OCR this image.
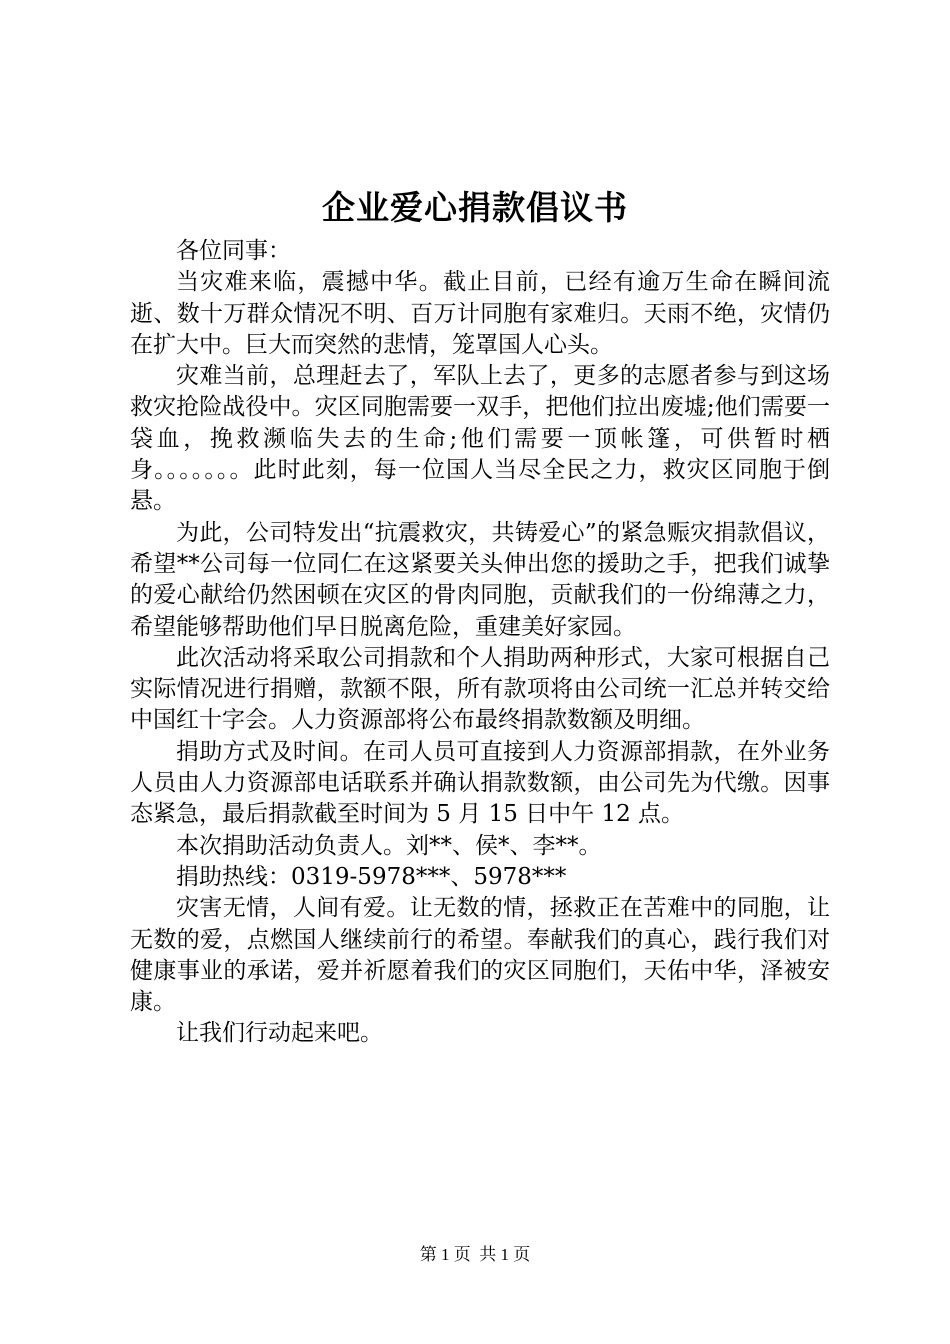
企业爱心捐款倡议书

各位同事：

当灾难来临，震撼中华。截止目前，已经有逾万生命在瞬间流逝、数十万群众情况不明、百万计同胞有家难归。天雨不绝，灾情仍在扩大中。巨大而突然的悲情，笼罩国人心头。

灾难当前，总理赶去了，军队上去了，更多的志愿者参与到这场救灾抢险战役中。灾区同胞需要一双手，把他们拉出废墟;他们需要一袋血，挽救濒临失去的生命;他们需要一顶帐篷，可供暂时栖身。。。。。。。此时此刻，每一位国人当尽全民之力，救灾区同胞于倒悬。

为此，公司特发出“抗震救灾，共铸爱心”的紧急赈灾捐款倡议，希望**公司每一位同仁在这紧要关头伸出您的援助之手，把我们诚挚的爱心献给仍然困顿在灾区的骨肉同胞，贡献我们的一份绵薄之力，希望能够帮助他们早日脱离危险，重建美好家园。

此次活动将采取公司捐款和个人捐助两种形式，大家可根据自己实际情况进行捐赠，款额不限，所有款项将由公司统一汇总并转交给中国红十字会。人力资源部将公布最终捐款数额及明细。

捐助方式及时间。在司人员可直接到人力资源部捐款，在外业务人员由人力资源部电话联系并确认捐款数额，由公司先为代缴。因事态紧急，最后捐款截至时间为 5 月 15 日中午 12 点。

本次捐助活动负责人。刘**、侯*、李**。

捐助热线：0319-5978***、5978***

灾害无情，人间有爱。让无数的情，拯救正在苦难中的同胞，让无数的爱，点燃国人继续前行的希望。奉献我们的真心，践行我们对健康事业的承诺，爱并祈愿着我们的灾区同胞们，天佑中华，泽被安康。

让我们行动起来吧。

第 1 页  共 1 页
